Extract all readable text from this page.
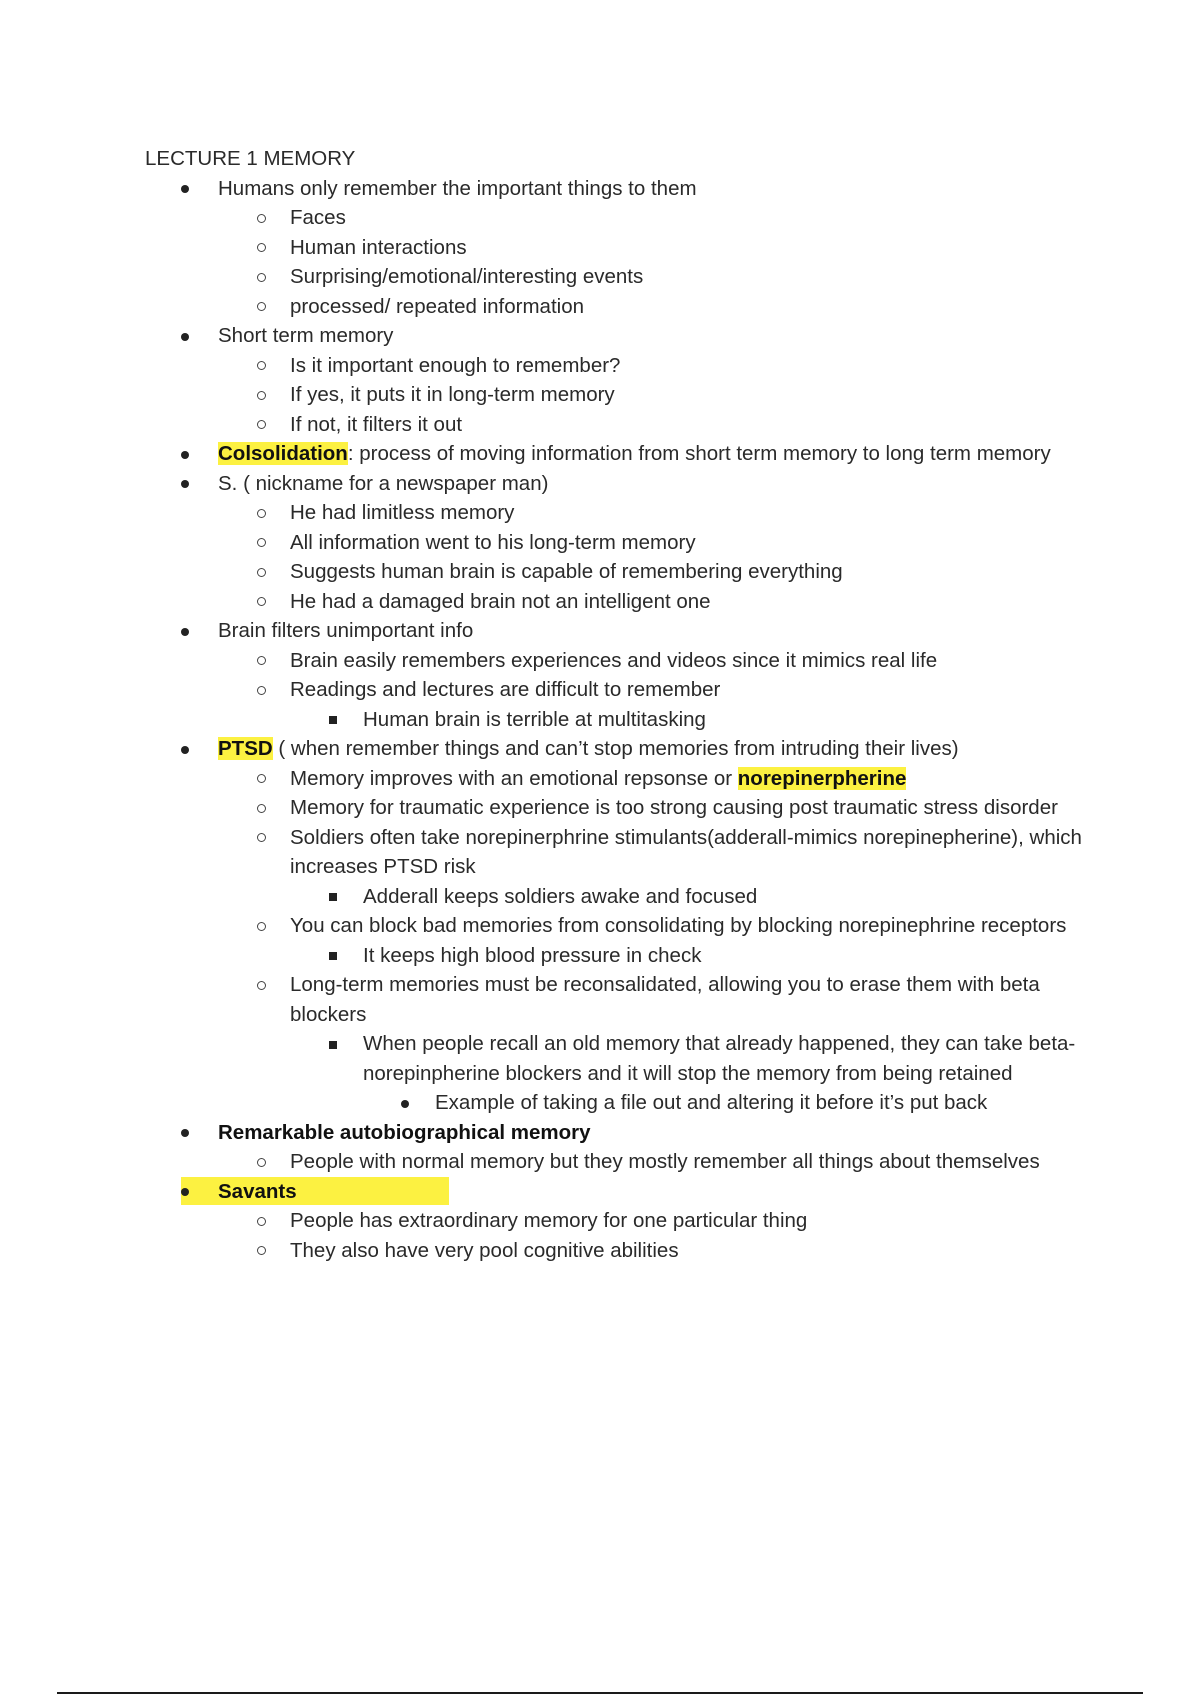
LECTURE 1 MEMORY

Humans only remember the important things to them
Faces
Human interactions
Surprising/emotional/interesting events
processed/ repeated information
Short term memory
Is it important enough to remember?
If yes, it puts it in long-term memory
If not, it filters it out
Colsolidation: process of moving information from short term memory to long term memory
S. ( nickname for a newspaper man)
He had limitless memory
All information went to his long-term memory
Suggests human brain is capable of remembering everything
He had a damaged brain not an intelligent one
Brain filters unimportant info
Brain easily remembers experiences and videos since it mimics real life
Readings and lectures are difficult to remember
Human brain is terrible at multitasking
PTSD ( when remember things and can’t stop memories from intruding their lives)
Memory improves with an emotional repsonse or norepinerpherine
Memory for traumatic experience is too strong causing post traumatic stress disorder
Soldiers often take norepinerphrine stimulants(adderall-mimics norepinepherine), which increases PTSD risk
Adderall keeps soldiers awake and focused
You can block bad memories from consolidating by blocking norepinephrine receptors
It keeps high blood pressure in check
Long-term memories must be reconsalidated, allowing you to erase them with beta blockers
When people recall an old memory that already happened, they can take beta-norepinpherine blockers and it will stop the memory from being retained
Example of taking a file out and altering it before it’s put back
Remarkable autobiographical memory
People with normal memory but they mostly remember all things about themselves
Savants
People has extraordinary memory for one particular thing
They also have very pool cognitive abilities
